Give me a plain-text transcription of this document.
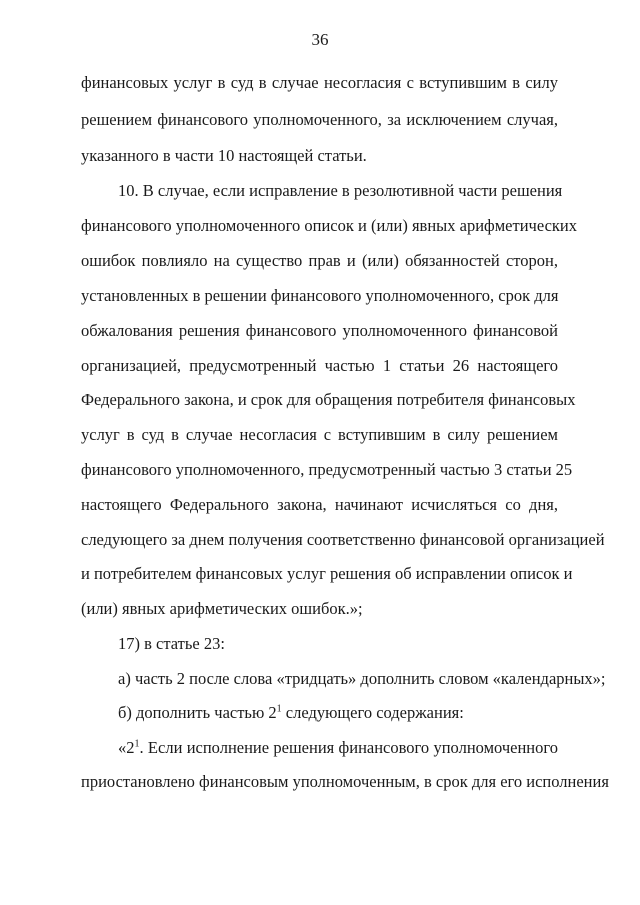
36
финансовых услуг в суд в случае несогласия с вступившим в силу
решением финансового уполномоченного, за исключением случая,
указанного в части 10 настоящей статьи.
10. В случае, если исправление в резолютивной части решения
финансового уполномоченного описок и (или) явных арифметических
ошибок повлияло на существо прав и (или) обязанностей сторон,
установленных в решении финансового уполномоченного, срок для
обжалования решения финансового уполномоченного финансовой
организацией, предусмотренный частью 1 статьи 26 настоящего
Федерального закона, и срок для обращения потребителя финансовых
услуг в суд в случае несогласия с вступившим в силу решением
финансового уполномоченного, предусмотренный частью 3 статьи 25
настоящего Федерального закона, начинают исчисляться со дня,
следующего за днем получения соответственно финансовой организацией
и потребителем финансовых услуг решения об исправлении описок и
(или) явных арифметических ошибок.»;
17) в статье 23:
а) часть 2 после слова «тридцать» дополнить словом «календарных»;
б) дополнить частью $2^1$ следующего содержания:
«$2^1$. Если исполнение решения финансового уполномоченного
приостановлено финансовым уполномоченным, в срок для его исполнения
